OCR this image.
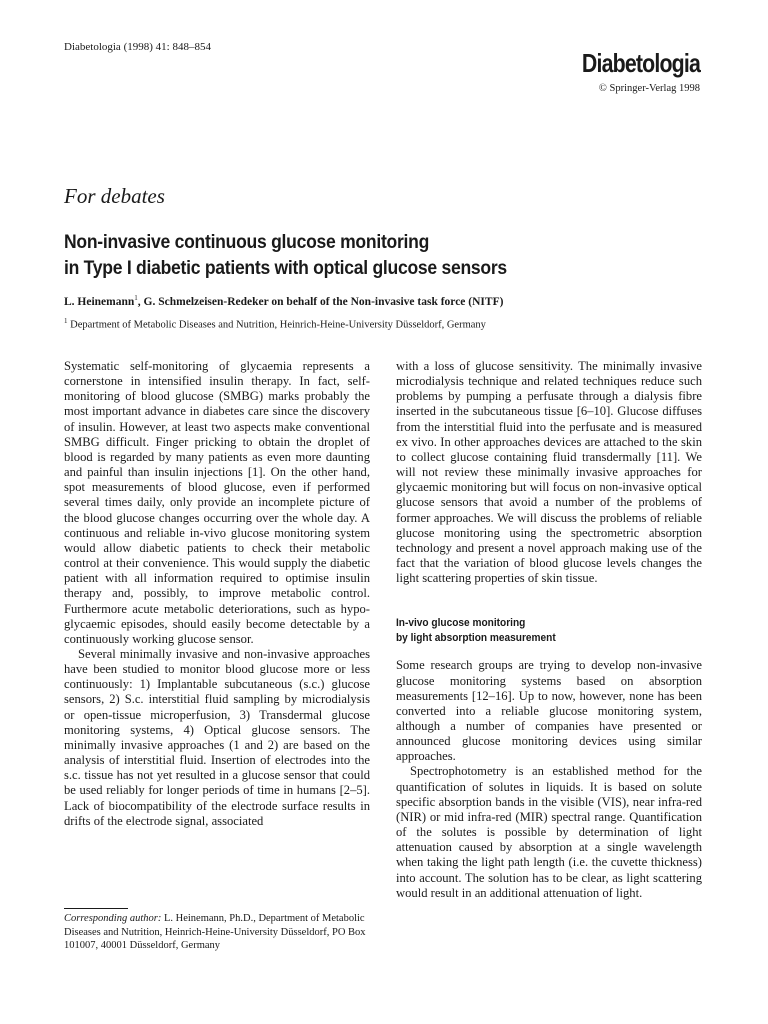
Diabetologia (1998) 41: 848–854
Diabetologia
© Springer-Verlag 1998
For debates
Non-invasive continuous glucose monitoring
in Type I diabetic patients with optical glucose sensors
L. Heinemann$^1$, G. Schmelzeisen-Redeker on behalf of the Non-invasive task force (NITF)
$^1$ Department of Metabolic Diseases and Nutrition, Heinrich-Heine-University Düsseldorf, Germany

Systematic self-monitoring of glycaemia represents a cornerstone in intensified insulin therapy. In fact, self-monitoring of blood glucose (SMBG) marks probably the most important advance in diabetes care since the discovery of insulin. However, at least two aspects make conventional SMBG difficult. Finger pricking to obtain the droplet of blood is regarded by many patients as even more daunting and painful than insulin injections [1]. On the other hand, spot measurements of blood glucose, even if performed several times daily, only provide an incomplete picture of the blood glucose changes occurring over the whole day. A continuous and reliable in-vivo glucose monitoring system would allow diabetic patients to check their metabolic control at their convenience. This would supply the diabetic patient with all information required to optimise insulin therapy and, possibly, to improve metabolic control. Furthermore acute metabolic deteriorations, such as hypoglycaemic episodes, should easily become detectable by a continuously working glucose sensor.

Several minimally invasive and non-invasive approaches have been studied to monitor blood glucose more or less continuously: 1) Implantable subcutaneous (s.c.) glucose sensors, 2) S.c. interstitial fluid sampling by microdialysis or open-tissue microperfusion, 3) Transdermal glucose monitoring systems, 4) Optical glucose sensors. The minimally invasive approaches (1 and 2) are based on the analysis of interstitial fluid. Insertion of electrodes into the s.c. tissue has not yet resulted in a glucose sensor that could be used reliably for longer periods of time in humans [2–5]. Lack of biocompatibility of the electrode surface results in drifts of the electrode signal, associated

with a loss of glucose sensitivity. The minimally invasive microdialysis technique and related techniques reduce such problems by pumping a perfusate through a dialysis fibre inserted in the subcutaneous tissue [6–10]. Glucose diffuses from the interstitial fluid into the perfusate and is measured ex vivo. In other approaches devices are attached to the skin to collect glucose containing fluid transdermally [11]. We will not review these minimally invasive approaches for glycaemic monitoring but will focus on non-invasive optical glucose sensors that avoid a number of the problems of former approaches. We will discuss the problems of reliable glucose monitoring using the spectrometric absorption technology and present a novel approach making use of the fact that the variation of blood glucose levels changes the light scattering properties of skin tissue.

In-vivo glucose monitoring
by light absorption measurement

Some research groups are trying to develop non-invasive glucose monitoring systems based on absorption measurements [12–16]. Up to now, however, none has been converted into a reliable glucose monitoring system, although a number of companies have presented or announced glucose monitoring devices using similar approaches.

Spectrophotometry is an established method for the quantification of solutes in liquids. It is based on solute specific absorption bands in the visible (VIS), near infra-red (NIR) or mid infra-red (MIR) spectral range. Quantification of the solutes is possible by determination of light attenuation caused by absorption at a single wavelength when taking the light path length (i.e. the cuvette thickness) into account. The solution has to be clear, as light scattering would result in an additional attenuation of light.

Corresponding author: L. Heinemann, Ph.D., Department of Metabolic Diseases and Nutrition, Heinrich-Heine-University Düsseldorf, PO Box 101007, 40001 Düsseldorf, Germany
